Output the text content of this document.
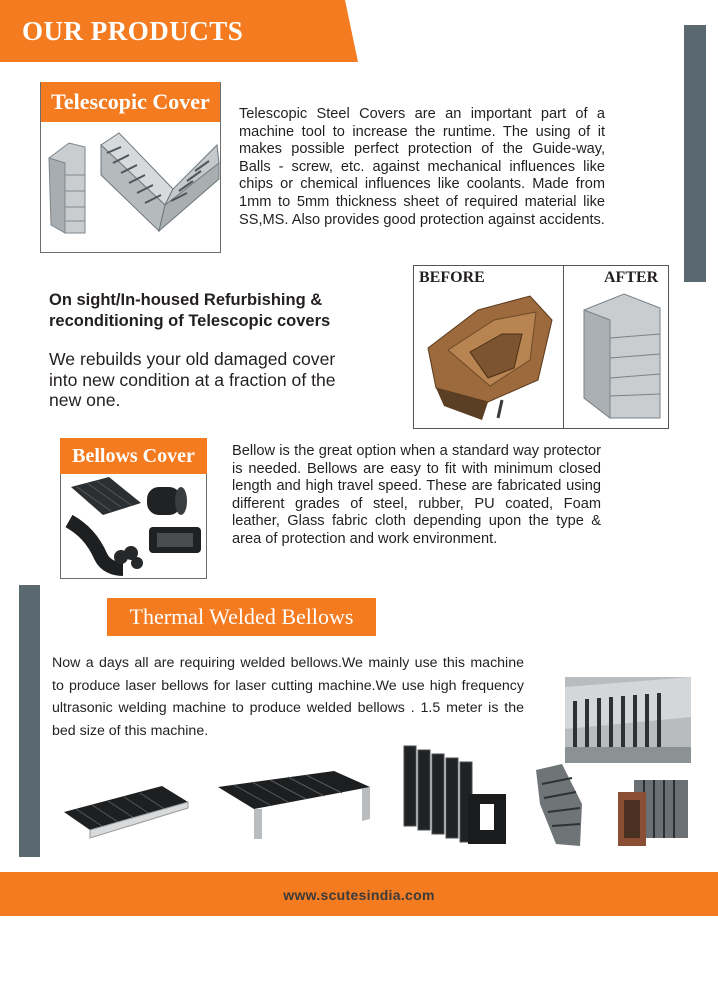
OUR PRODUCTS
Telescopic Cover	Telescopic Steel Covers are an important part of a machine tool to increase the runtime. The using of it makes possible perfect protection of the Guide-way, Balls - screw, etc. against mechanical influences like chips or chemical influences like coolants. Made from 1mm to 5mm thickness sheet of required material like SS,MS. Also provides good protection against accidents.
On sight/In-housed Refurbishing &
reconditioning of Telescopic covers
We rebuilds your old damaged cover into new condition at a fraction of the new one.
BEFORE	AFTER
Bellows Cover	Bellow is the great option when a standard way protector is needed. Bellows are easy to fit with minimum closed length and high travel speed. These are fabricated using different grades of steel, rubber, PU coated, Foam leather, Glass fabric cloth depending upon the type & area of protection and work environment.
Thermal Welded Bellows
Now a days all are requiring welded bellows.We mainly use this machine to produce laser bellows for laser cutting machine.We use high frequency ultrasonic welding machine to produce welded bellows . 1.5 meter is the bed size of this machine.
www.scutesindia.com
